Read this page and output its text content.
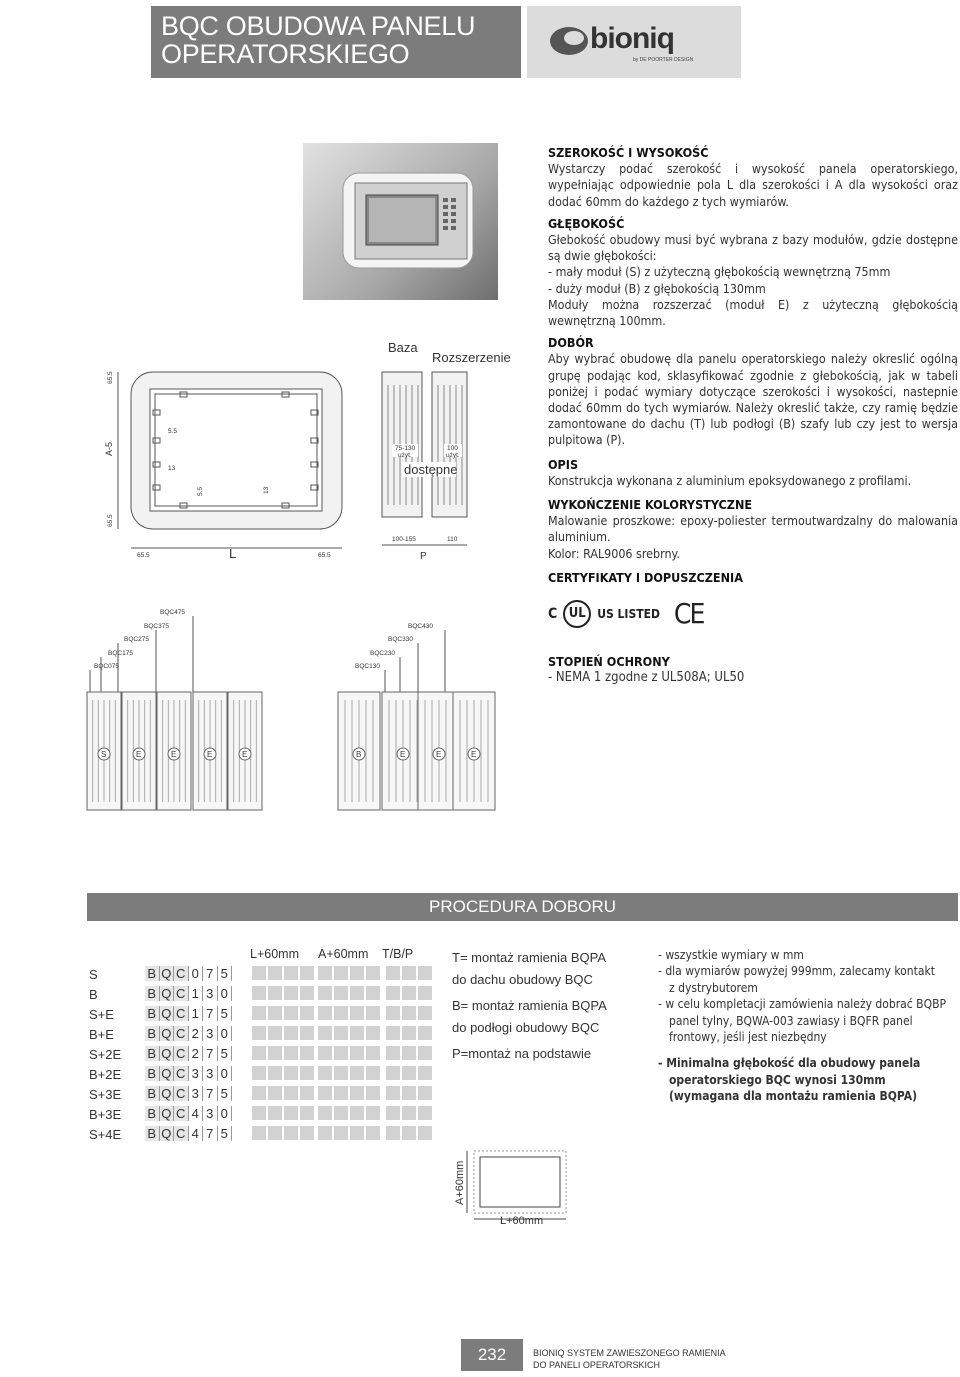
BQC OBUDOWA PANELU
OPERATORSKIEGO	bioniq
by DE POORTER DESIGN
65.5
A-5
65.5
5.5
13
5.5	13
65.5	L	65.5
Baza
Rozszerzenie
75-130
użyt.
100
użyt.
dostępne
100-155	110
P
BQC475
BQC375
BQC275
BQC175
BQC075
BQC430
BQC330
BQC230
BQC130
S	E	E	E	E	B	E	E	E
SZEROKOŚĆ I WYSOKOŚĆ

Wystarczy podać szerokość i wysokość panela operatorskiego, wypełniając odpowiednie pola L dla szerokości i A dla wysokości oraz dodać 60mm do każdego z tych wymiarów.

GŁĘBOKOŚĆ

Głebokość obudowy musi być wybrana z bazy modułów, gdzie dostępne są dwie głębokości:

- mały moduł (S) z użyteczną głębokością wewnętrzną 75mm

- duży moduł (B) z głębokością 130mm

Moduły można rozszerzać (moduł E) z użyteczną głębokością wewnętrzną 100mm.

DOBÓR

Aby wybrać obudowę dla panelu operatorskiego należy okreslić ogólną grupę podając kod, sklasyfikować zgodnie z głebokością, jak w tabeli poniżej i podać wymiary dotyczące szerokości i wysokości, nastepnie dodać 60mm do tych wymiarów. Należy okreslić także, czy ramię będzie zamontowane do dachu (T) lub podłogi (B) szafy lub czy jest to wersja pulpitowa (P).

OPIS

Konstrukcja wykonana z aluminium epoksydowanego z profilami.

WYKOŃCZENIE KOLORYSTYCZNE

Malowanie proszkowe: epoxy-poliester termoutwardzalny do malowania aluminium.

Kolor: RAL9006 srebrny.

CERTYFIKATY I DOPUSZCZENIA
C UL US LISTED CE
STOPIEŃ OCHRONY

- NEMA 1 zgodne z UL508A; UL50

PROCEDURA DOBORU
L+60mm A+60mm T/B/P
S	B Q C 0 7 5
B	B Q C 1 3 0
S+E	B Q C 1 7 5
B+E	B Q C 2 3 0
S+2E B Q C 2 7 5
B+2E B Q C 3 3 0
S+3E B Q C 3 7 5
B+3E B Q C 4 3 0
S+4E B Q C 4 7 5
T= montaż ramienia BQPA
do dachu obudowy BQC
B= montaż ramienia BQPA
do podłogi obudowy BQC
P=montaż na podstawie
- wszystkie wymiary w mm
- dla wymiarów powyżej 999mm, zalecamy kontakt
z dystrybutorem
- w celu kompletacji zamówienia należy dobrać BQBP
panel tylny, BQWA-003 zawiasy i BQFR panel
frontowy, jeśli jest niezbędny
- Minimalna głębokość dla obudowy panela
operatorskiego BQC wynosi 130mm
(wymagana dla montażu ramienia BQPA)
A+60mm
L+60mm
232	BIONIQ SYSTEM ZAWIESZONEGO RAMIENIA
DO PANELI OPERATORSKICH
